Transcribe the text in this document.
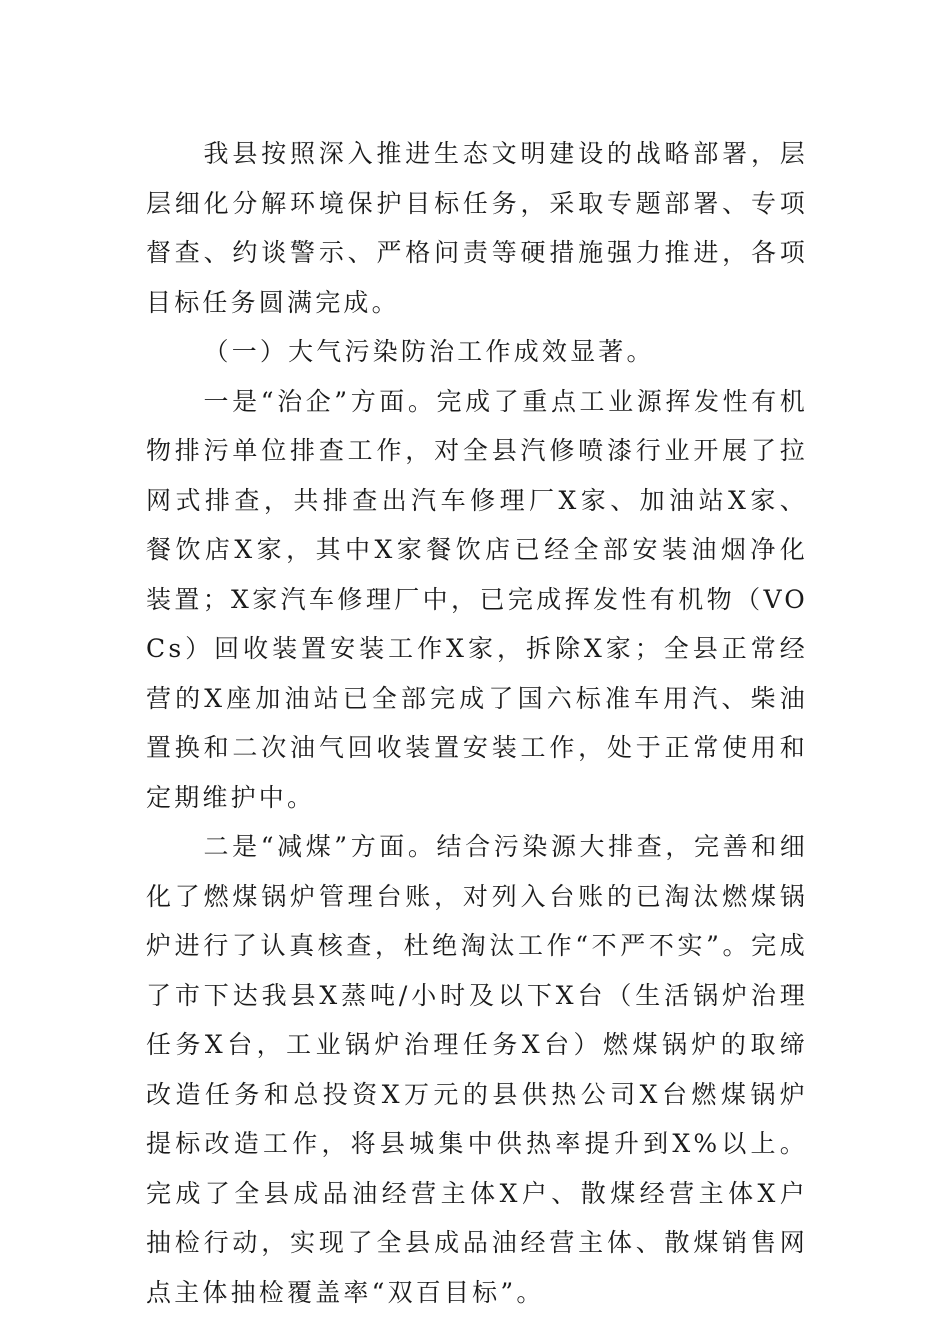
我县按照深入推进生态文明建设的战略部署，层层细化分解环境保护目标任务，采取专题部署、专项督查、约谈警示、严格问责等硬措施强力推进，各项目标任务圆满完成。

（一）大气污染防治工作成效显著。

一是“治企”方面。完成了重点工业源挥发性有机物排污单位排查工作，对全县汽修喷漆行业开展了拉网式排查，共排查出汽车修理厂X家、加油站X家、餐饮店X家，其中X家餐饮店已经全部安装油烟净化装置；X家汽车修理厂中，已完成挥发性有机物（VOCs）回收装置安装工作X家，拆除X家；全县正常经营的X座加油站已全部完成了国六标准车用汽、柴油置换和二次油气回收装置安装工作，处于正常使用和定期维护中。

二是“减煤”方面。结合污染源大排查，完善和细化了燃煤锅炉管理台账，对列入台账的已淘汰燃煤锅炉进行了认真核查，杜绝淘汰工作“不严不实”。完成了市下达我县X蒸吨/小时及以下X台（生活锅炉治理任务X台，工业锅炉治理任务X台）燃煤锅炉的取缔改造任务和总投资X万元的县供热公司X台燃煤锅炉提标改造工作，将县城集中供热率提升到X%以上。完成了全县成品油经营主体X户、散煤经营主体X户抽检行动，实现了全县成品油经营主体、散煤销售网点主体抽检覆盖率“双百目标”。
